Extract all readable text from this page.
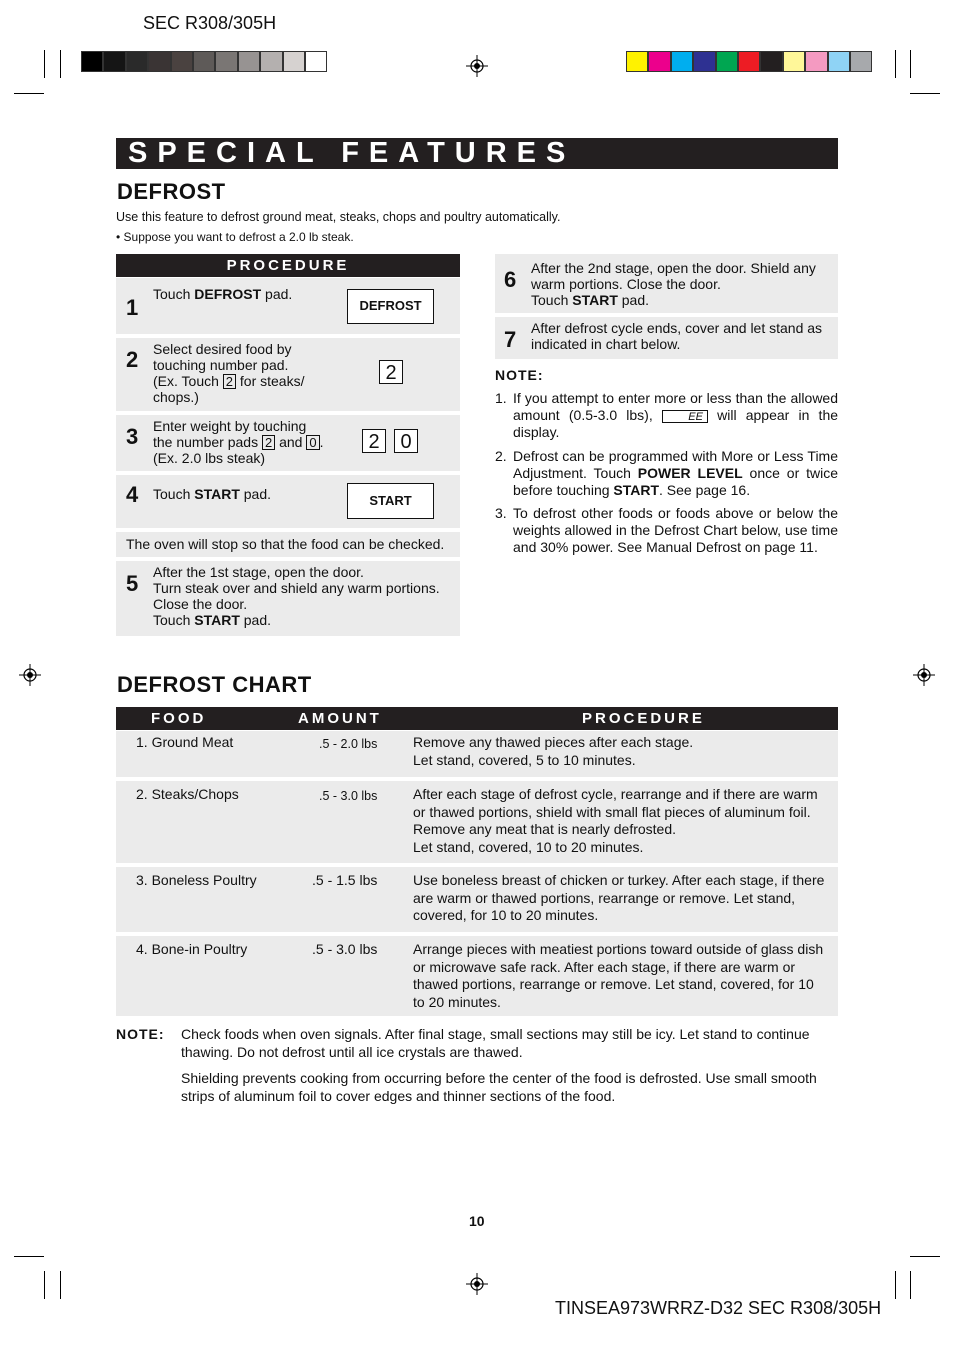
SEC R308/305H
SPECIAL FEATURES
DEFROST
Use this feature to defrost ground meat, steaks, chops and poultry automatically.
• Suppose you want to defrost a 2.0 lb steak.
PROCEDURE
1
Touch DEFROST pad.
DEFROST
2 Select desired food by
touching number pad.
(Ex. Touch 2 for steaks/
chops.)
2
3 Enter weight by touching
the number pads 2 and 0 .
(Ex. 2.0 lbs steak)
2	0
4 Touch START pad.	START
The oven will stop so that the food can be checked.
5 After the 1st stage, open the door.
Turn steak over and shield any warm portions.
Close the door.
Touch START pad.
6 After the 2nd stage, open the door. Shield any
warm portions. Close the door.
Touch START pad.
7 After defrost cycle ends, cover and let stand as
indicated in chart below.
NOTE:
1. If you attempt to enter more or less than the allowed amount (0.5-3.0 lbs),	EE will appear in the display.
2. Defrost can be programmed with More or Less Time Adjustment. Touch POWER LEVEL once or twice before touching START. See page 16.
3. To defrost other foods or foods above or below the weights allowed in the Defrost Chart below, use time and 30% power. See Manual Defrost on page 11.
DEFROST CHART
FOOD	AMOUNT	PROCEDURE
1. Ground Meat	.5 - 2.0 lbs	Remove any thawed pieces after each stage.
Let stand, covered, 5 to 10 minutes.
2. Steaks/Chops	.5 - 3.0 lbs	After each stage of defrost cycle, rearrange and if there are warm
or thawed portions, shield with small flat pieces of aluminum foil.
Remove any meat that is nearly defrosted.
Let stand, covered, 10 to 20 minutes.
3. Boneless Poultry	.5 - 1.5 lbs	Use boneless breast of chicken or turkey. After each stage, if there
are warm or thawed portions, rearrange or remove. Let stand,
covered, for 10 to 20 minutes.
4. Bone-in Poultry	.5 - 3.0 lbs	Arrange pieces with meatiest portions toward outside of glass dish
or microwave safe rack. After each stage, if there are warm or
thawed portions, rearrange or remove. Let stand, covered, for 10
to 20 minutes.
NOTE: Check foods when oven signals. After final stage, small sections may still be icy. Let stand to continue
thawing. Do not defrost until all ice crystals are thawed.
Shielding prevents cooking from occurring before the center of the food is defrosted. Use small smooth
strips of aluminum foil to cover edges and thinner sections of the food.
10
TINSEA973WRRZ-D32 SEC R308/305H
